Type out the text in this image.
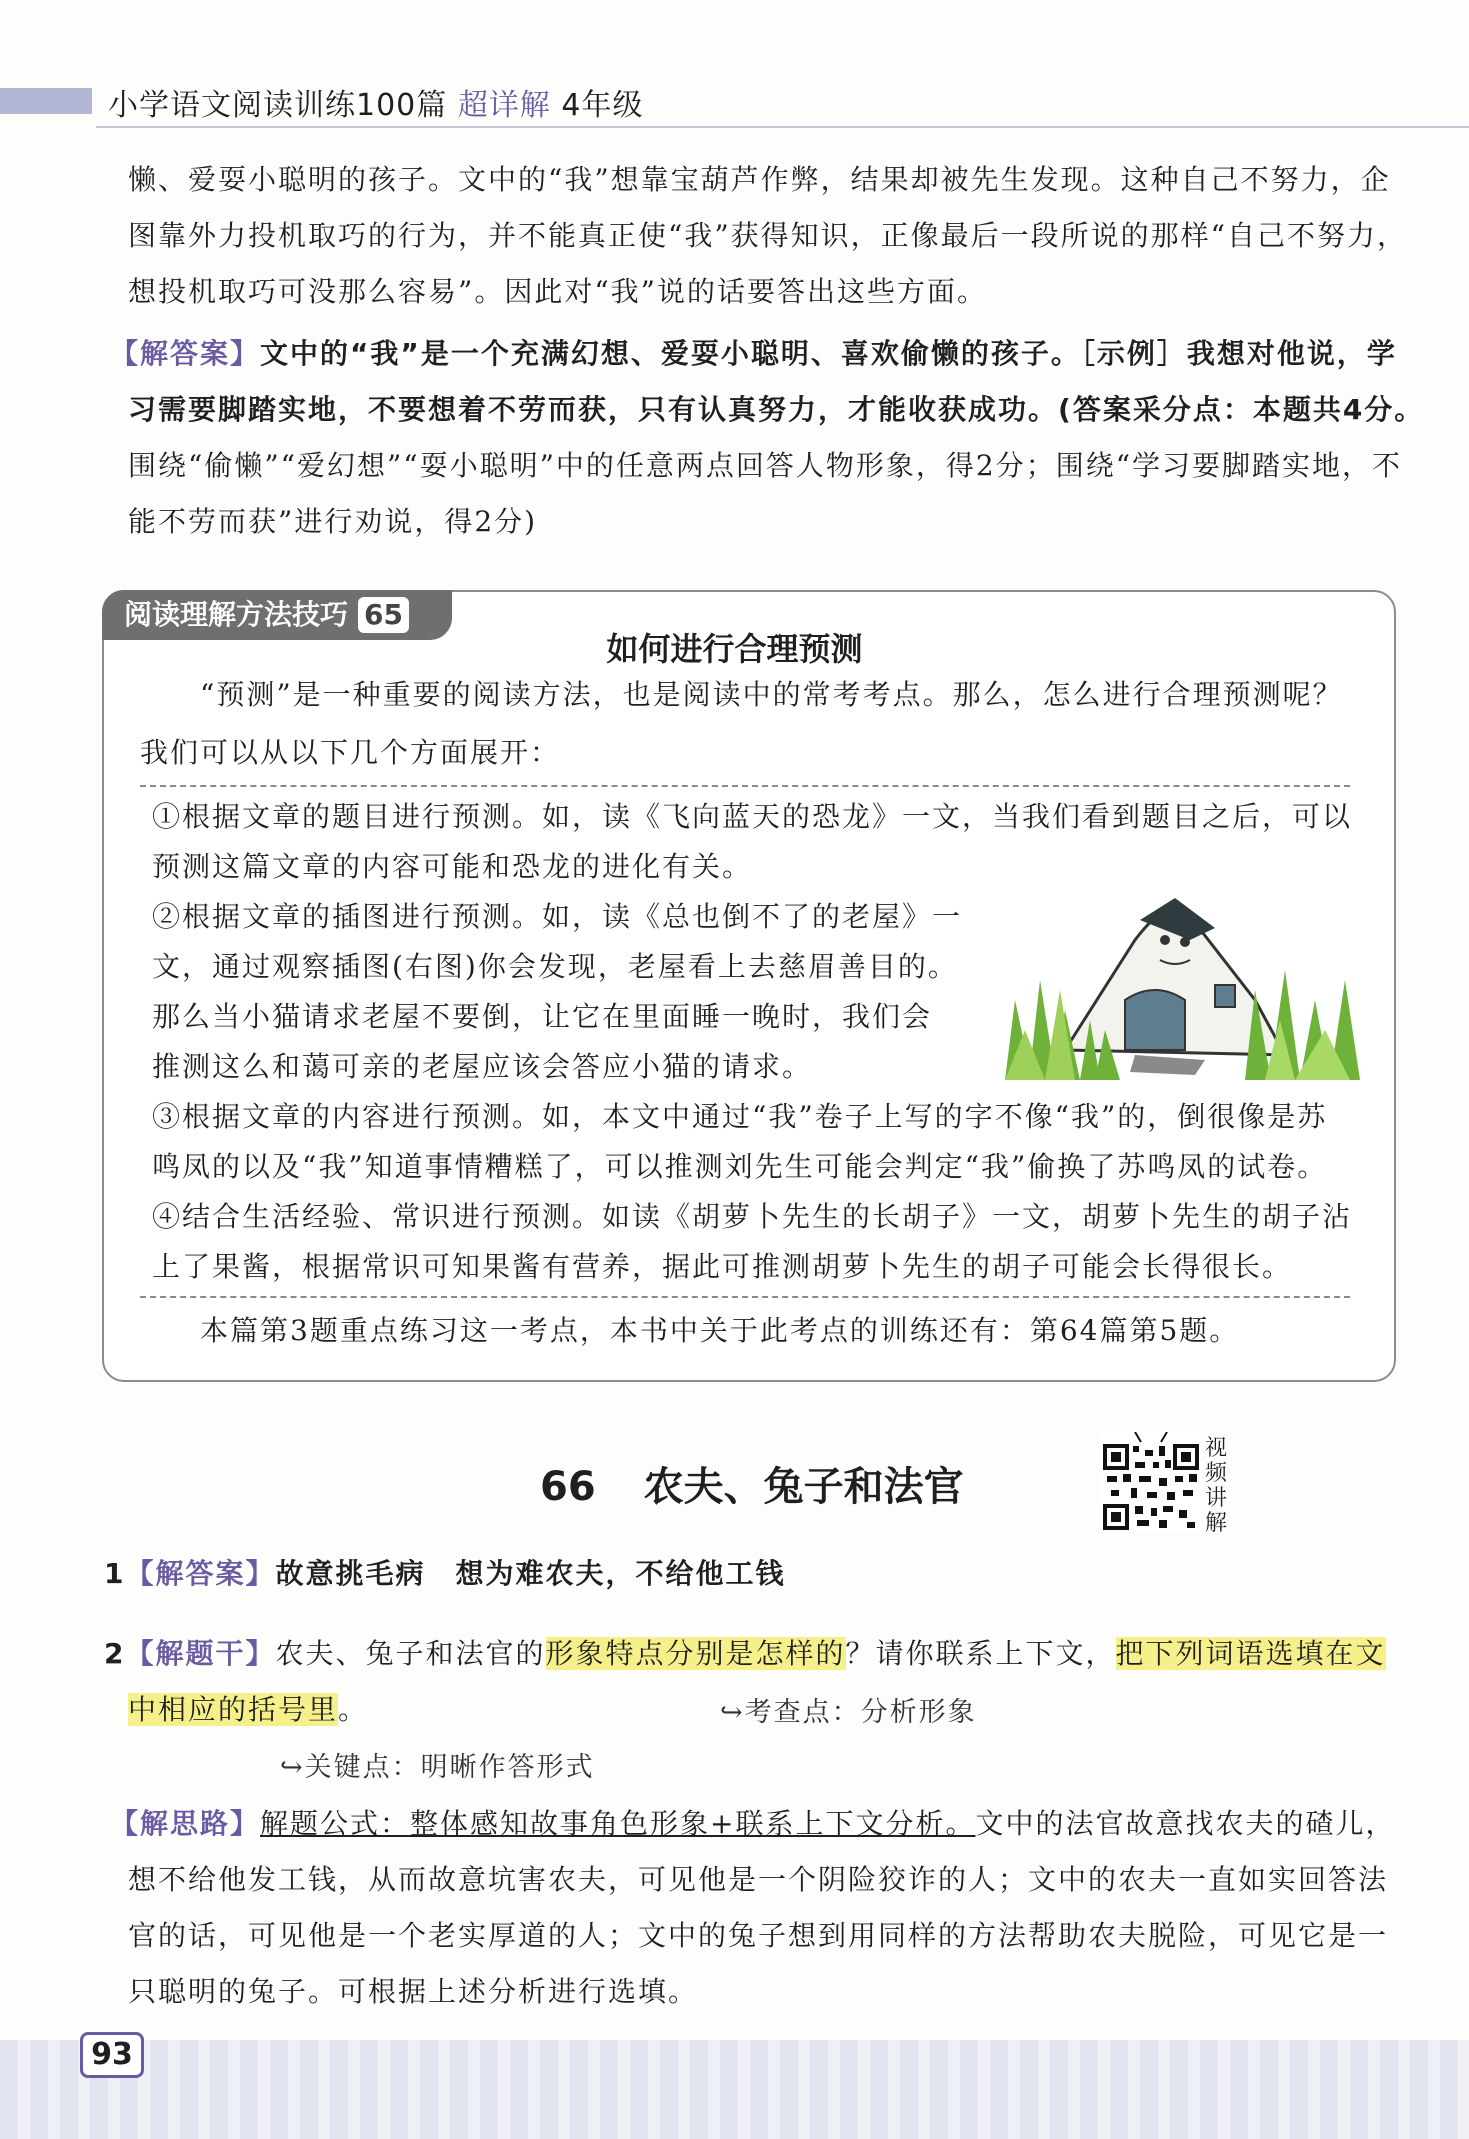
小学语文阅读训练100篇 超详解 4年级
懒、爱耍小聪明的孩子。文中的“我”想靠宝葫芦作弊，结果却被先生发现。这种自己不努力，企
图靠外力投机取巧的行为，并不能真正使“我”获得知识，正像最后一段所说的那样“自己不努力，
想投机取巧可没那么容易”。因此对“我”说的话要答出这些方面。
【解答案】文中的“我”是一个充满幻想、爱耍小聪明、喜欢偷懒的孩子。［示例］我想对他说，学
习需要脚踏实地，不要想着不劳而获，只有认真努力，才能收获成功。(答案采分点：本题共4分。
围绕“偷懒”“爱幻想”“耍小聪明”中的任意两点回答人物形象，得2分；围绕“学习要脚踏实地，不
能不劳而获”进行劝说，得2分)
阅读理解方法技巧 65
如何进行合理预测
“预测”是一种重要的阅读方法，也是阅读中的常考考点。那么，怎么进行合理预测呢？
我们可以从以下几个方面展开：
①根据文章的题目进行预测。如，读《飞向蓝天的恐龙》一文，当我们看到题目之后，可以
预测这篇文章的内容可能和恐龙的进化有关。
②根据文章的插图进行预测。如，读《总也倒不了的老屋》一
文，通过观察插图(右图)你会发现，老屋看上去慈眉善目的。
那么当小猫请求老屋不要倒，让它在里面睡一晚时，我们会
推测这么和蔼可亲的老屋应该会答应小猫的请求。
③根据文章的内容进行预测。如，本文中通过“我”卷子上写的字不像“我”的，倒很像是苏
鸣凤的以及“我”知道事情糟糕了，可以推测刘先生可能会判定“我”偷换了苏鸣凤的试卷。
④结合生活经验、常识进行预测。如读《胡萝卜先生的长胡子》一文，胡萝卜先生的胡子沾
上了果酱，根据常识可知果酱有营养，据此可推测胡萝卜先生的胡子可能会长得很长。
本篇第3题重点练习这一考点，本书中关于此考点的训练还有：第64篇第5题。
66 农夫、兔子和法官
视
频
讲
解
1【解答案】故意挑毛病　想为难农夫，不给他工钱
2【解题干】农夫、兔子和法官的形象特点分别是怎样的？请你联系上下文，把下列词语选填在文
中相应的括号里。	↪考查点：分析形象
↪关键点：明晰作答形式
【解思路】解题公式：整体感知故事角色形象+联系上下文分析。文中的法官故意找农夫的碴儿，
想不给他发工钱，从而故意坑害农夫，可见他是一个阴险狡诈的人；文中的农夫一直如实回答法
官的话，可见他是一个老实厚道的人；文中的兔子想到用同样的方法帮助农夫脱险，可见它是一
只聪明的兔子。可根据上述分析进行选填。
93
